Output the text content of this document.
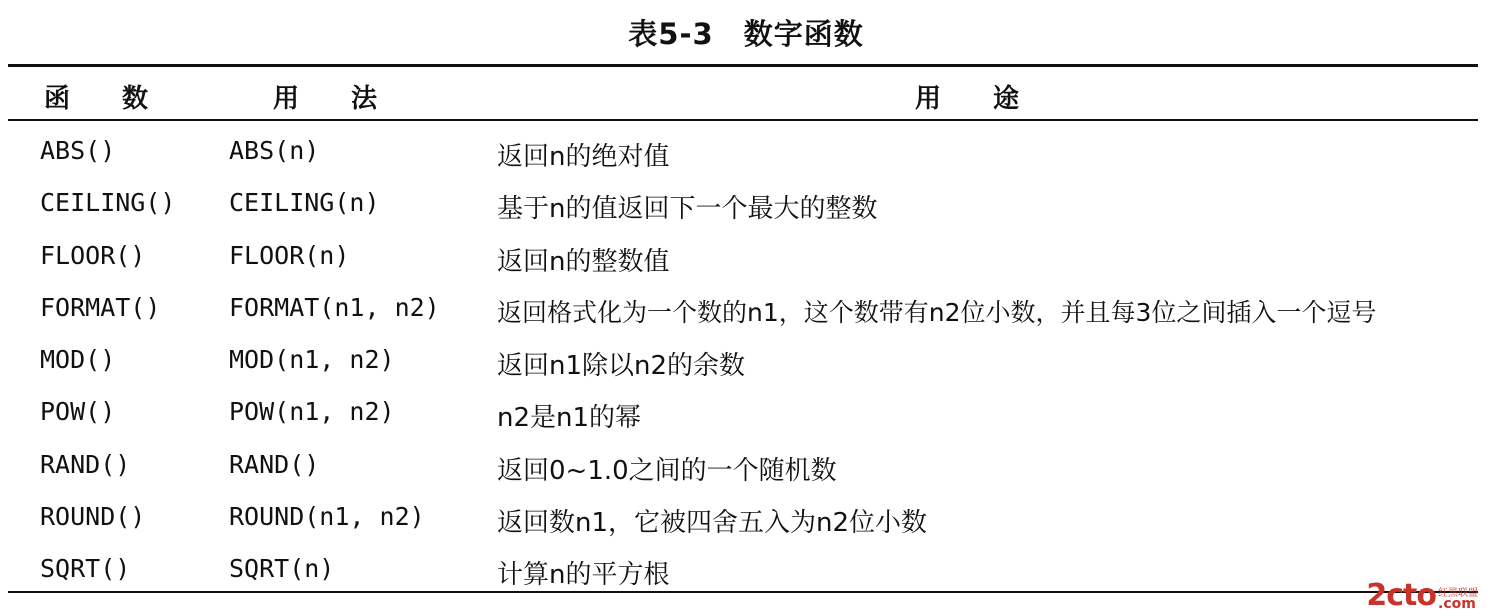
表5-3　数字函数
函　　数	用　　法	用　　途
ABS()	ABS(n)	返回n的绝对值
CEILING() CEILING(n)	基于n的值返回下一个最大的整数
FLOOR()	FLOOR(n)	返回n的整数值
FORMAT()	FORMAT(n1, n2) 返回格式化为一个数的n1，这个数带有n2位小数，并且每3位之间插入一个逗号
MOD()	MOD(n1, n2)	返回n1除以n2的余数
POW()	POW(n1, n2)	n2是n1的幂
RAND()	RAND()	返回0~1.0之间的一个随机数
ROUND()	ROUND(n1, n2)	返回数n1，它被四舍五入为n2位小数
SQRT()	SQRT(n)	计算n的平方根
2cto 红黑联盟
.com
